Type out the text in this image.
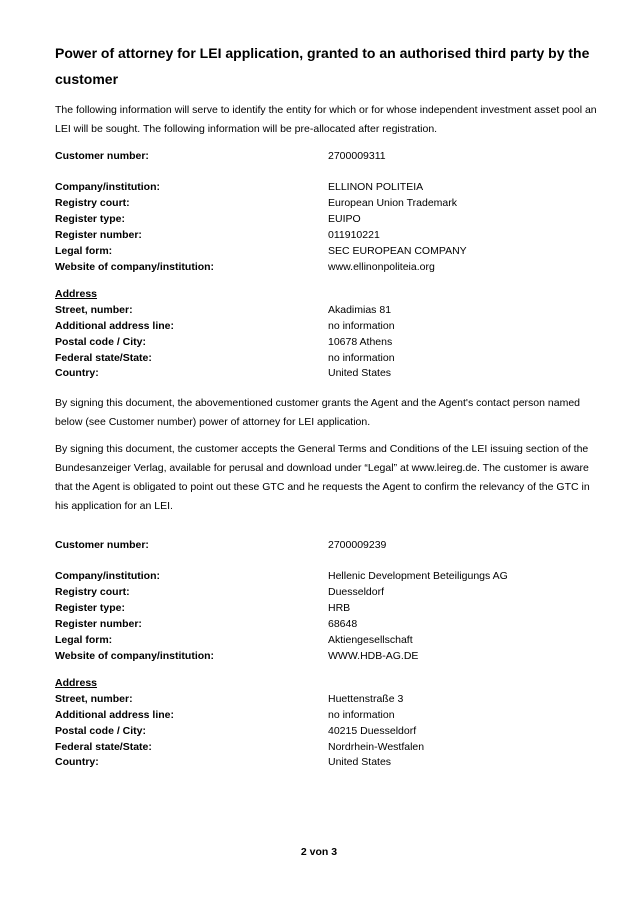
Power of attorney for LEI application, granted to an authorised third party by the customer

The following information will serve to identify the entity for which or for whose independent investment asset pool an LEI will be sought. The following information will be pre-allocated after registration.

Customer number:	2700009311
Company/institution:	ELLINON POLITEIA
Registry court:	European Union Trademark
Register type:	EUIPO
Register number:	011910221
Legal form:	SEC EUROPEAN COMPANY
Website of company/institution:	www.ellinonpoliteia.org
Address
Street, number:	Akadimias 81
Additional address line:	no information
Postal code / City:	10678 Athens
Federal state/State:	no information
Country:	United States

By signing this document, the abovementioned customer grants the Agent and the Agent's contact person named below (see Customer number) power of attorney for LEI application.

By signing this document, the customer accepts the General Terms and Conditions of the LEI issuing section of the Bundesanzeiger Verlag, available for perusal and download under “Legal” at www.leireg.de. The customer is aware that the Agent is obligated to point out these GTC and he requests the Agent to confirm the relevancy of the GTC in his application for an LEI.

Customer number:	2700009239
Company/institution:	Hellenic Development Beteiligungs AG
Registry court:	Duesseldorf
Register type:	HRB
Register number:	68648
Legal form:	Aktiengesellschaft
Website of company/institution:	WWW.HDB-AG.DE
Address
Street, number:	Huettenstraße 3
Additional address line:	no information
Postal code / City:	40215 Duesseldorf
Federal state/State:	Nordrhein-Westfalen
Country:	United States
2 von 3
